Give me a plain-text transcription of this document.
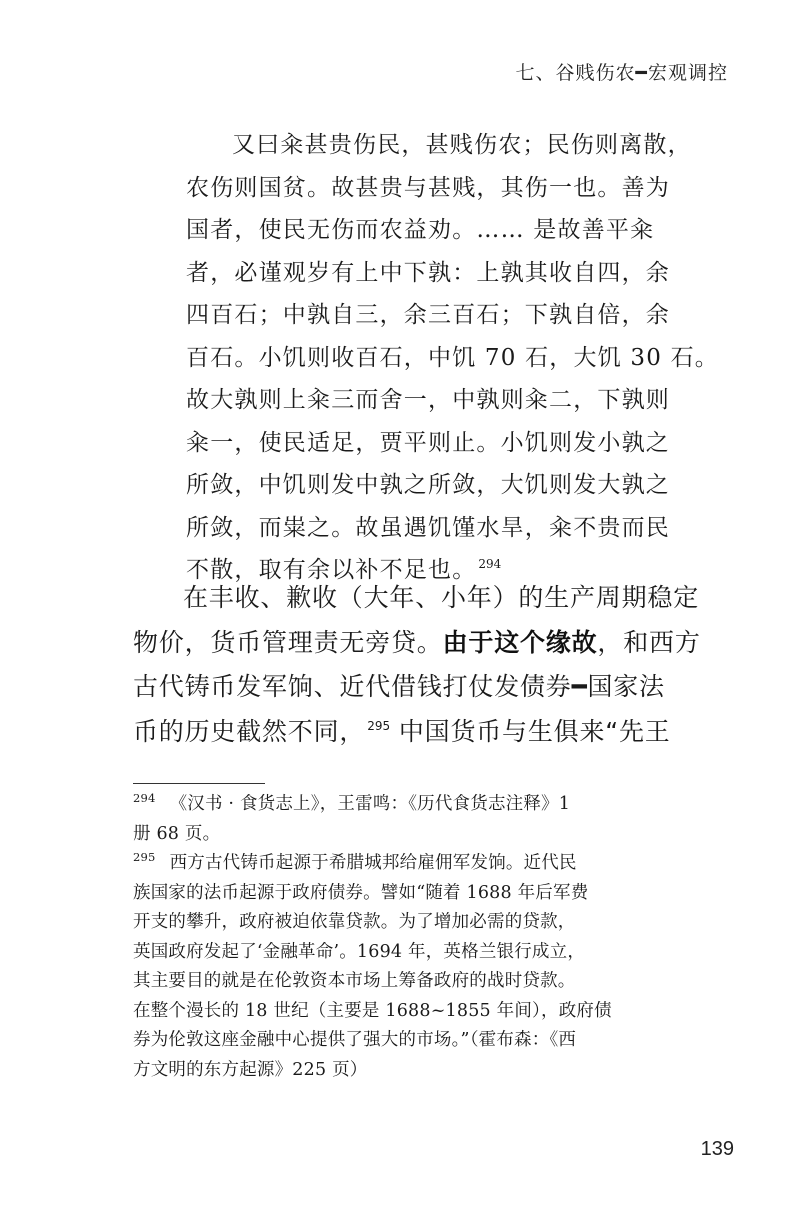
七、谷贱伤农━宏观调控
又曰籴甚贵伤民，甚贱伤农；民伤则离散，
农伤则国贫。故甚贵与甚贱，其伤一也。善为
国者，使民无伤而农益劝。…… 是故善平籴
者，必谨观岁有上中下孰：上孰其收自四，余
四百石；中孰自三，余三百石；下孰自倍，余
百石。小饥则收百石，中饥 70 石，大饥 30 石。
故大孰则上籴三而舍一，中孰则籴二，下孰则
籴一，使民适足，贾平则止。小饥则发小孰之
所敛，中饥则发中孰之所敛，大饥则发大孰之
所敛，而粜之。故虽遇饥馑水旱，籴不贵而民
不散，取有余以补不足也。 $^{294}$
在丰收、歉收（大年、小年）的生产周期稳定
物价，货币管理责无旁贷。由于这个缘故，和西方
古代铸币发军饷、近代借钱打仗发债券━国家法
币的历史截然不同， $^{295}$ 中国货币与生俱来“先王
$^{294}$ 《汉书 · 食货志上》，王雷鸣：《历代食货志注释》1
册 68 页。
$^{295}$ 西方古代铸币起源于希腊城邦给雇佣军发饷。近代民
族国家的法币起源于政府债券。譬如“随着 1688 年后军费
开支的攀升，政府被迫依靠贷款。为了增加必需的贷款，
英国政府发起了‘金融革命’。1694 年，英格兰银行成立，
其主要目的就是在伦敦资本市场上筹备政府的战时贷款。
在整个漫长的 18 世纪（主要是 1688~1855 年间），政府债
券为伦敦这座金融中心提供了强大的市场。”（霍布森：《西
方文明的东方起源》225 页）
139
